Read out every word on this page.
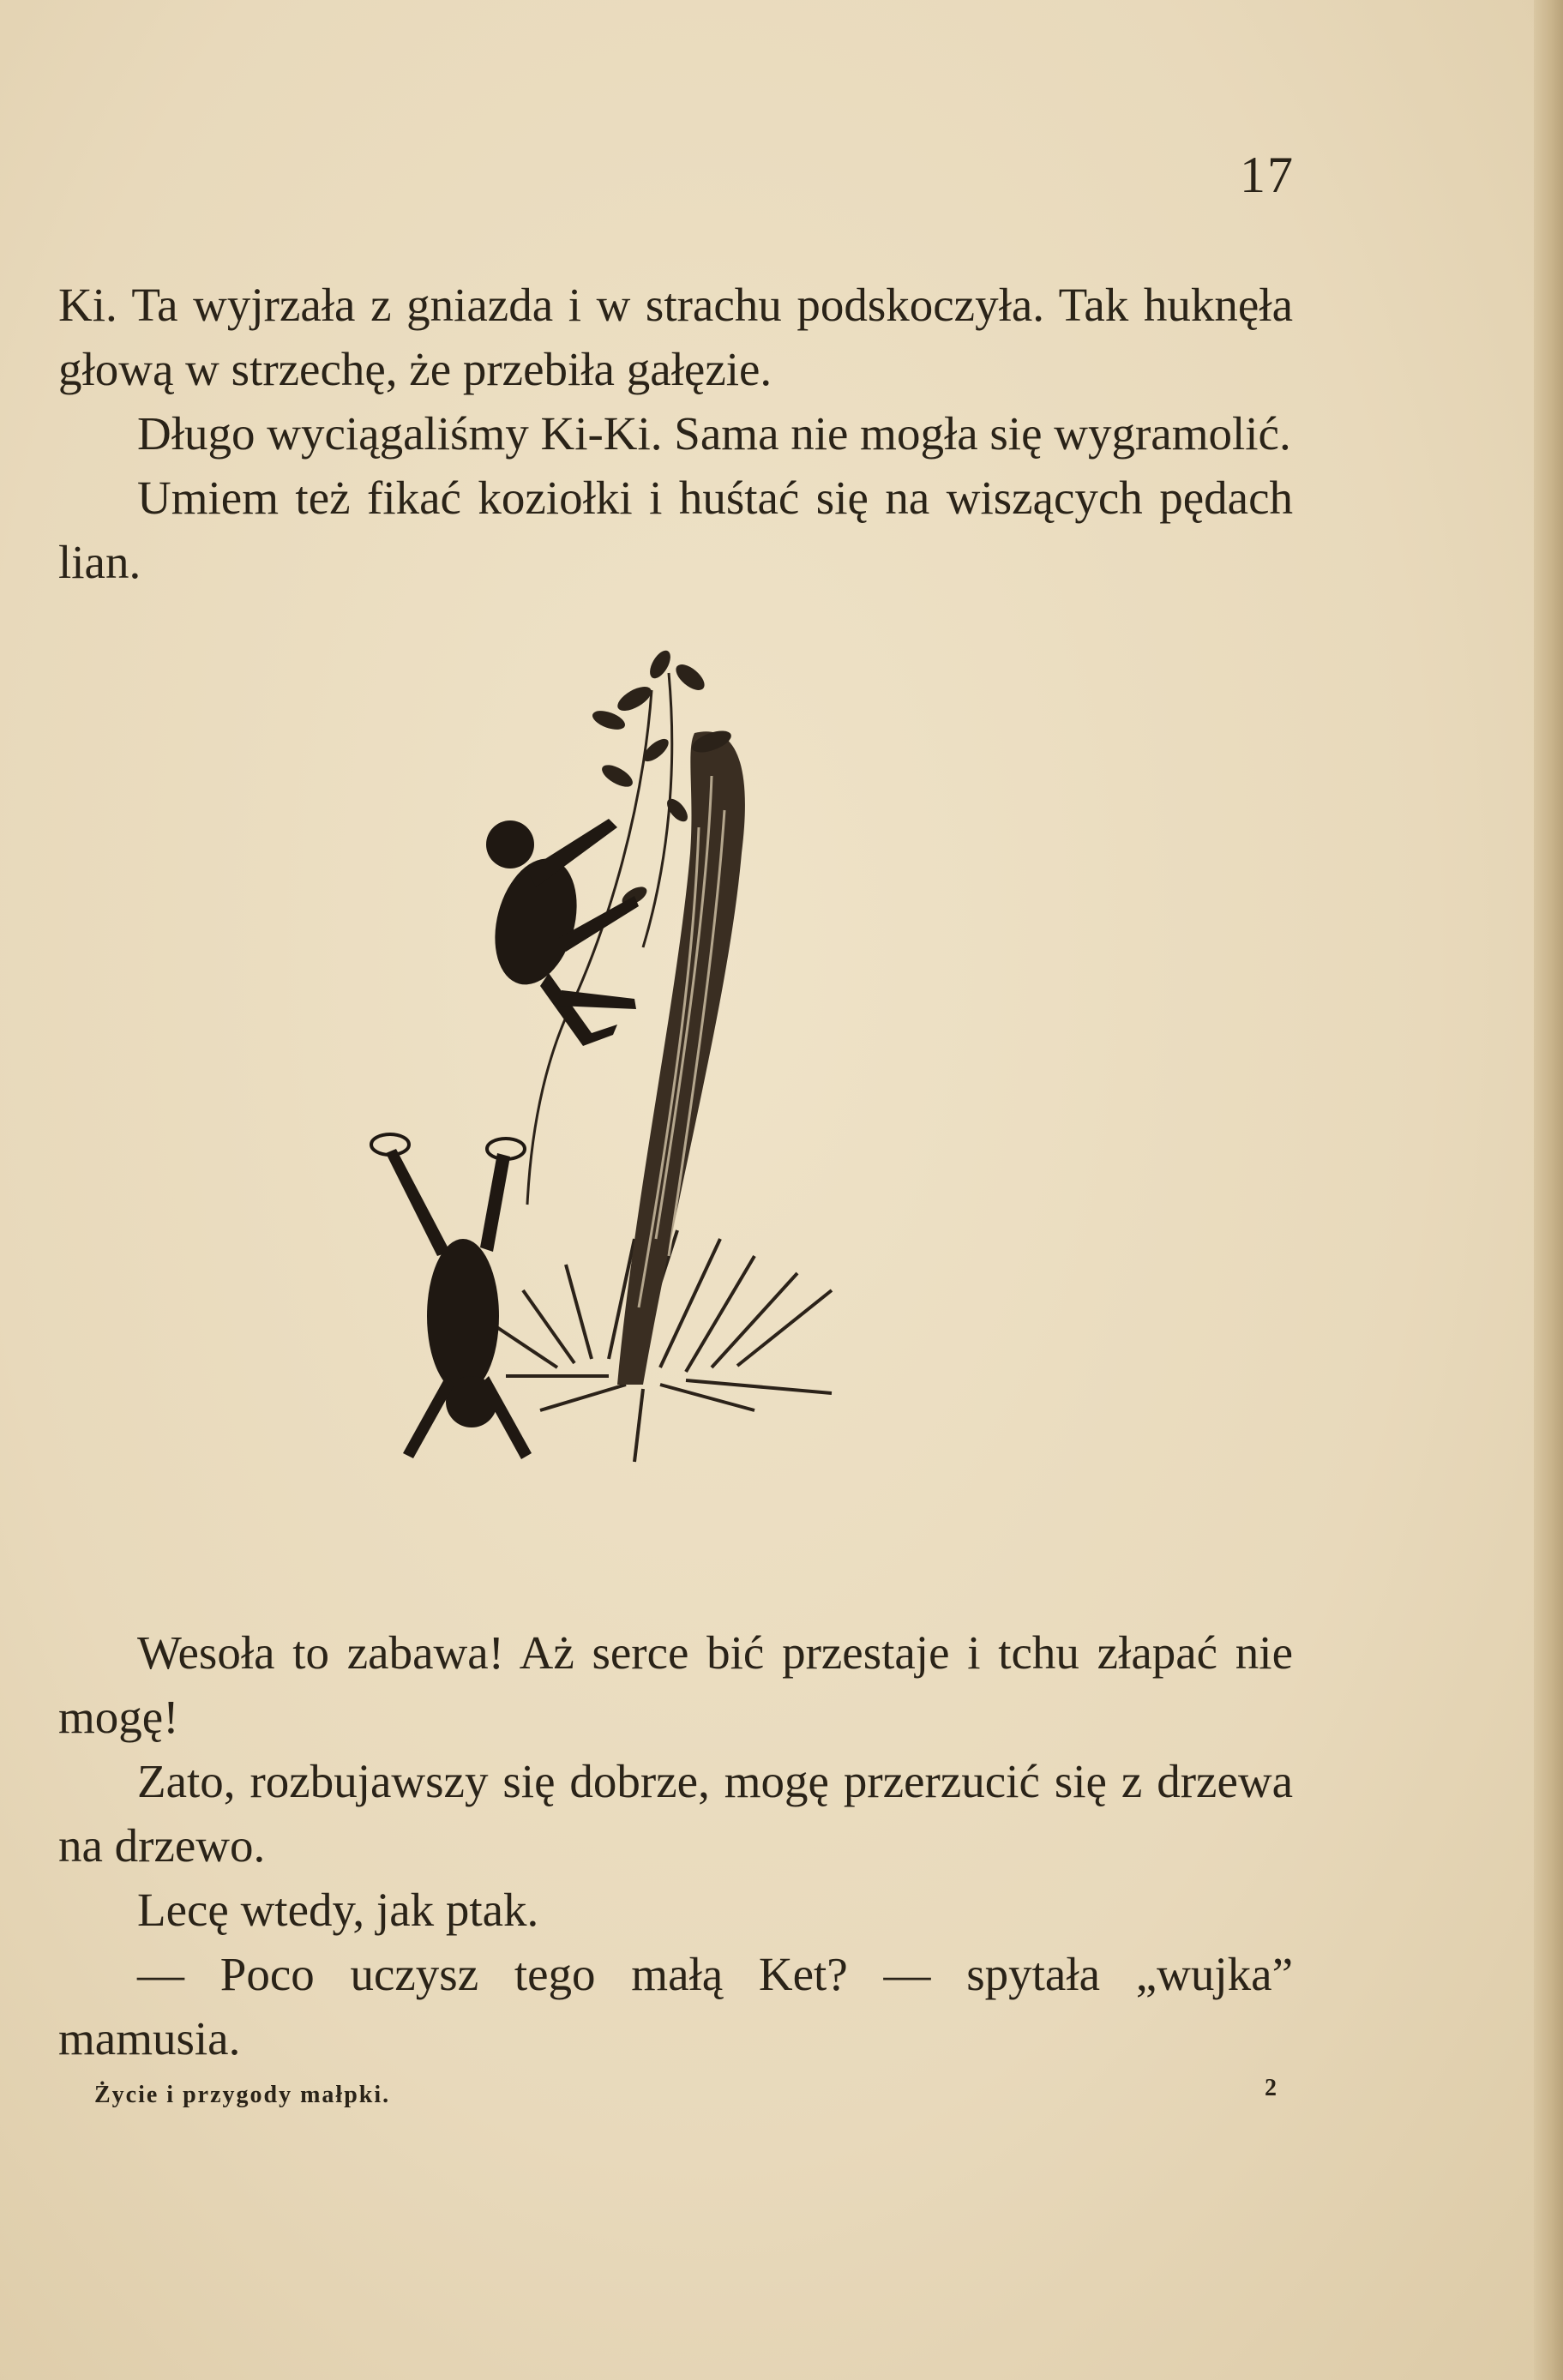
17

Ki. Ta wyjrzała z gniazda i w strachu podskoczyła. Tak huknęła głową w strzechę, że przebiła gałęzie.

Długo wyciągaliśmy Ki-Ki. Sama nie mogła się wygramolić.

Umiem też fikać koziołki i huśtać się na wiszących pędach lian.

Wesoła to zabawa! Aż serce bić przestaje i tchu złapać nie mogę!

Zato, rozbujawszy się dobrze, mogę przerzucić się z drzewa na drzewo.

Lecę wtedy, jak ptak.

— Poco uczysz tego małą Ket? — spytała „wujka” mamusia.

Życie i przygody małpki.	2
